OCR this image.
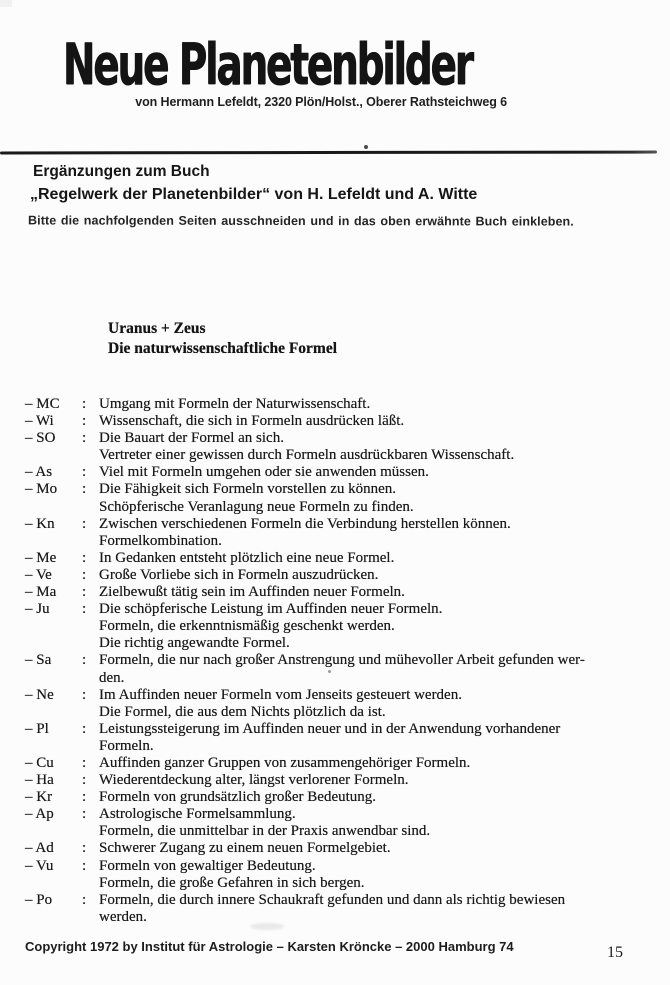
Neue Planetenbilder
von Hermann Lefeldt, 2320 Plön/Holst., Oberer Rathsteichweg 6
Ergänzungen zum Buch
„Regelwerk der Planetenbilder“ von H. Lefeldt und A. Witte
Bitte die nachfolgenden Seiten ausschneiden und in das oben erwähnte Buch einkleben.
Uranus + Zeus
Die naturwissenschaftliche Formel
– MC	: Umgang mit Formeln der Naturwissenschaft.
– Wi	: Wissenschaft, die sich in Formeln ausdrücken läßt.
– SO	: Die Bauart der Formel an sich.
Vertreter einer gewissen durch Formeln ausdrückbaren Wissenschaft.
– As	: Viel mit Formeln umgehen oder sie anwenden müssen.
– Mo	: Die Fähigkeit sich Formeln vorstellen zu können.
Schöpferische Veranlagung neue Formeln zu finden.
– Kn	: Zwischen verschiedenen Formeln die Verbindung herstellen können.
Formelkombination.
– Me	: In Gedanken entsteht plötzlich eine neue Formel.
– Ve	: Große Vorliebe sich in Formeln auszudrücken.
– Ma	: Zielbewußt tätig sein im Auffinden neuer Formeln.
– Ju	: Die schöpferische Leistung im Auffinden neuer Formeln.
Formeln, die erkenntnismäßig geschenkt werden.
Die richtig angewandte Formel.
– Sa	: Formeln, die nur nach großer Anstrengung und mühevoller Arbeit gefunden wer-
den.
– Ne	: Im Auffinden neuer Formeln vom Jenseits gesteuert werden.
Die Formel, die aus dem Nichts plötzlich da ist.
– Pl	: Leistungssteigerung im Auffinden neuer und in der Anwendung vorhandener
Formeln.
– Cu	: Auffinden ganzer Gruppen von zusammengehöriger Formeln.
– Ha	: Wiederentdeckung alter, längst verlorener Formeln.
– Kr	: Formeln von grundsätzlich großer Bedeutung.
– Ap	: Astrologische Formelsammlung.
Formeln, die unmittelbar in der Praxis anwendbar sind.
– Ad	: Schwerer Zugang zu einem neuen Formelgebiet.
– Vu	: Formeln von gewaltiger Bedeutung.
Formeln, die große Gefahren in sich bergen.
– Po	: Formeln, die durch innere Schaukraft gefunden und dann als richtig bewiesen
werden.
Copyright 1972 by Institut für Astrologie – Karsten Kröncke – 2000 Hamburg 74	15
